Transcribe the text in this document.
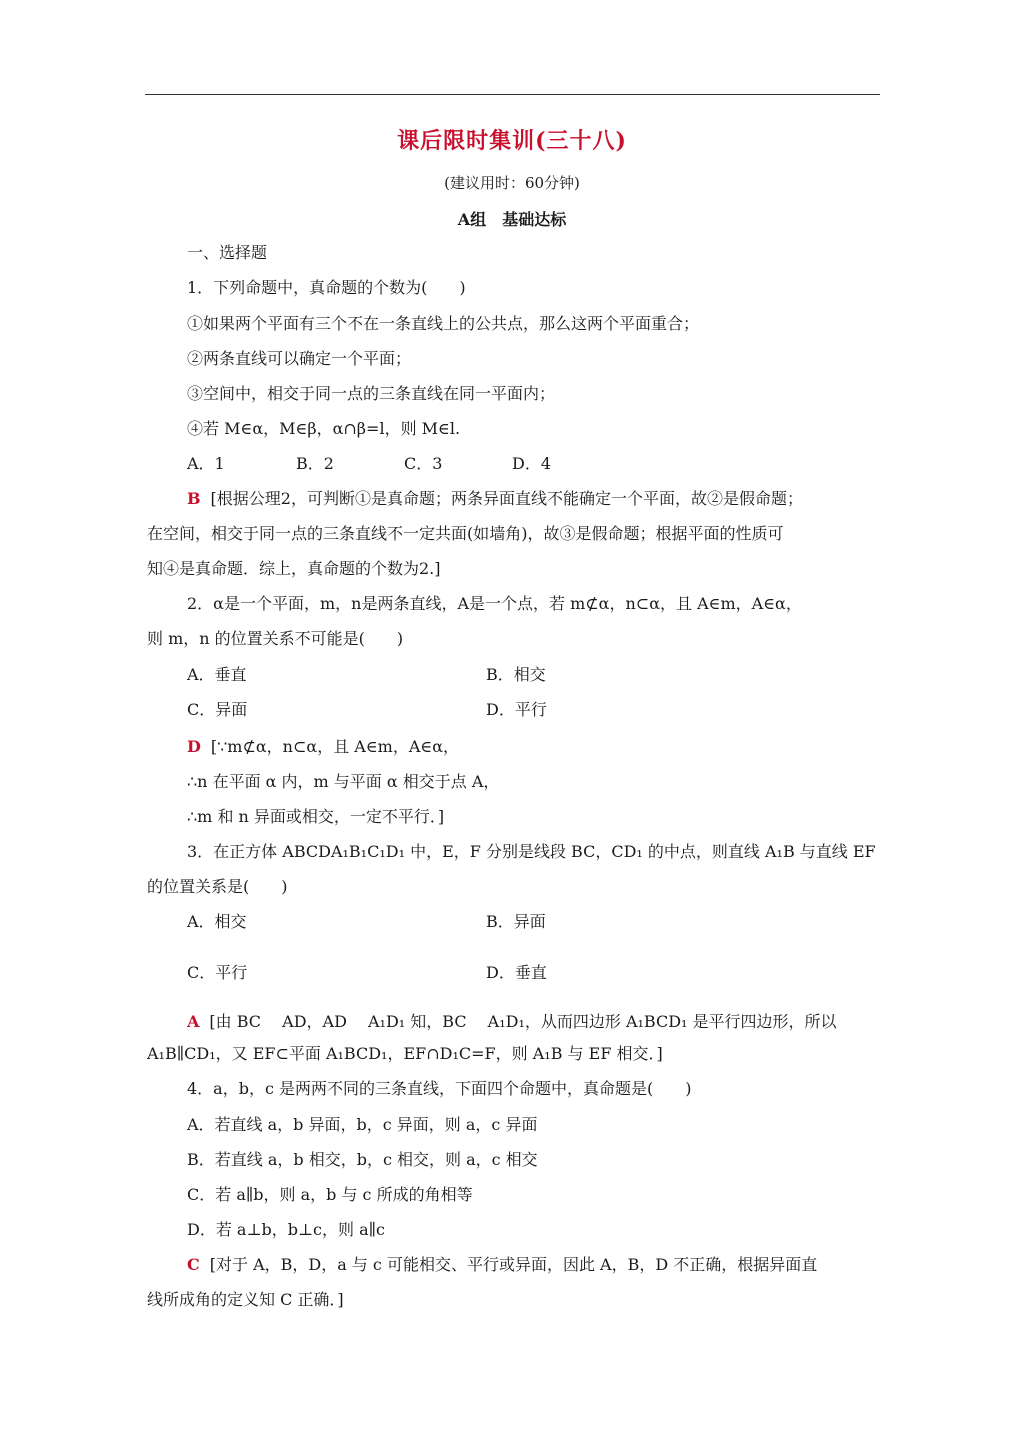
课后限时集训(三十八)
(建议用时：60分钟)
A组　基础达标
一、选择题
1．下列命题中，真命题的个数为(　　)
①如果两个平面有三个不在一条直线上的公共点，那么这两个平面重合；
②两条直线可以确定一个平面；
③空间中，相交于同一点的三条直线在同一平面内；
④若 M∈α，M∈β，α∩β=l，则 M∈l.
A．1	B．2	C．3	D．4
B [根据公理2，可判断①是真命题；两条异面直线不能确定一个平面，故②是假命题；
在空间，相交于同一点的三条直线不一定共面(如墙角)，故③是假命题；根据平面的性质可
知④是真命题．综上，真命题的个数为2.]
2．α是一个平面，m，n是两条直线，A是一个点，若 m⊄α，n⊂α，且 A∈m，A∈α，
则 m，n 的位置关系不可能是(　　)
A．垂直	B．相交
C．异面	D．平行
D [∵m⊄α，n⊂α，且 A∈m，A∈α，
∴n 在平面 α 内，m 与平面 α 相交于点 A，
∴m 和 n 异面或相交，一定不平行．]
3．在正方体 ABCDA₁B₁C₁D₁ 中，E，F 分别是线段 BC，CD₁ 的中点，则直线 A₁B 与直线 EF
的位置关系是(　　)
A．相交	B．异面
C．平行	D．垂直
A [由 BC　 AD，AD　 A₁D₁ 知，BC　 A₁D₁，从而四边形 A₁BCD₁ 是平行四边形，所以
A₁B∥CD₁，又 EF⊂平面 A₁BCD₁，EF∩D₁C=F，则 A₁B 与 EF 相交．]
4．a，b，c 是两两不同的三条直线，下面四个命题中，真命题是(　　)
A．若直线 a，b 异面，b，c 异面，则 a，c 异面
B．若直线 a，b 相交，b，c 相交，则 a，c 相交
C．若 a∥b，则 a，b 与 c 所成的角相等
D．若 a⊥b，b⊥c，则 a∥c
C [对于 A，B，D，a 与 c 可能相交、平行或异面，因此 A，B，D 不正确，根据异面直
线所成角的定义知 C 正确．]
